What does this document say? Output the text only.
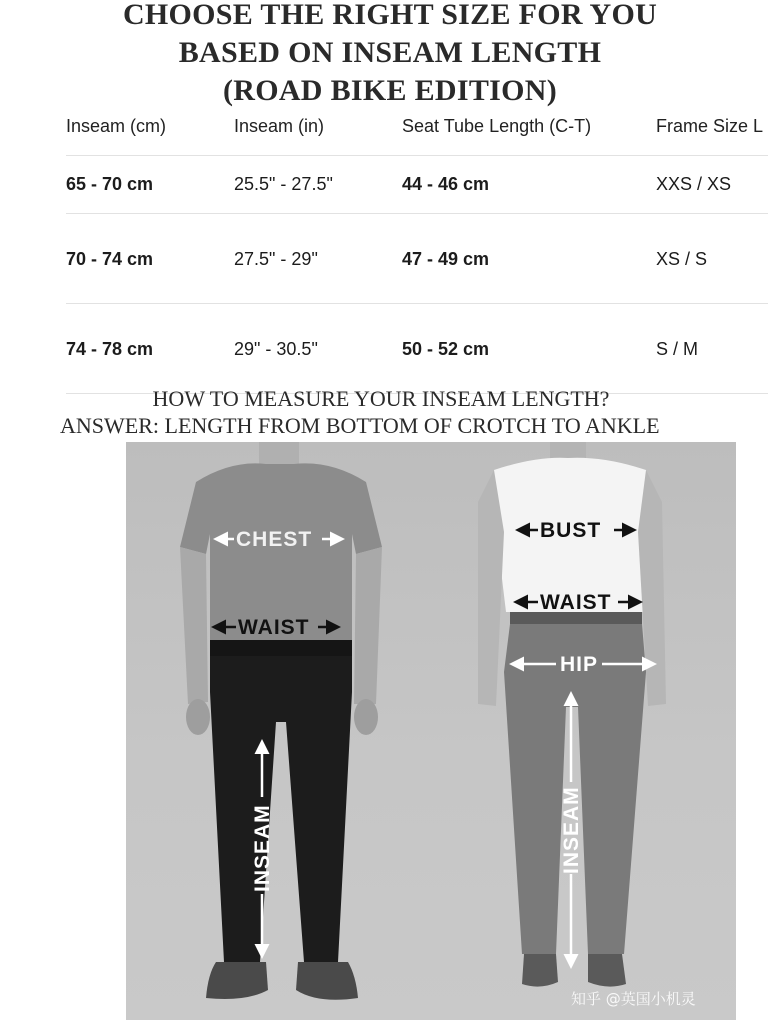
CHOOSE THE RIGHT SIZE FOR YOU
BASED ON INSEAM LENGTH
(ROAD BIKE EDITION)
Inseam (cm)	Inseam (in)	Seat Tube Length (C-T)	Frame Size L
65 - 70 cm	25.5" - 27.5"	44 - 46 cm	XXS / XS
70 - 74 cm	27.5" - 29"	47 - 49 cm	XS / S
74 - 78 cm	29" - 30.5"	50 - 52 cm	S / M

HOW TO MEASURE YOUR INSEAM LENGTH?

ANSWER: LENGTH FROM BOTTOM OF CROTCH TO ANKLE

CHEST
WAIST
INSEAM
BUST
WAIST
HIP
INSEAM
知乎 @英国小机灵
